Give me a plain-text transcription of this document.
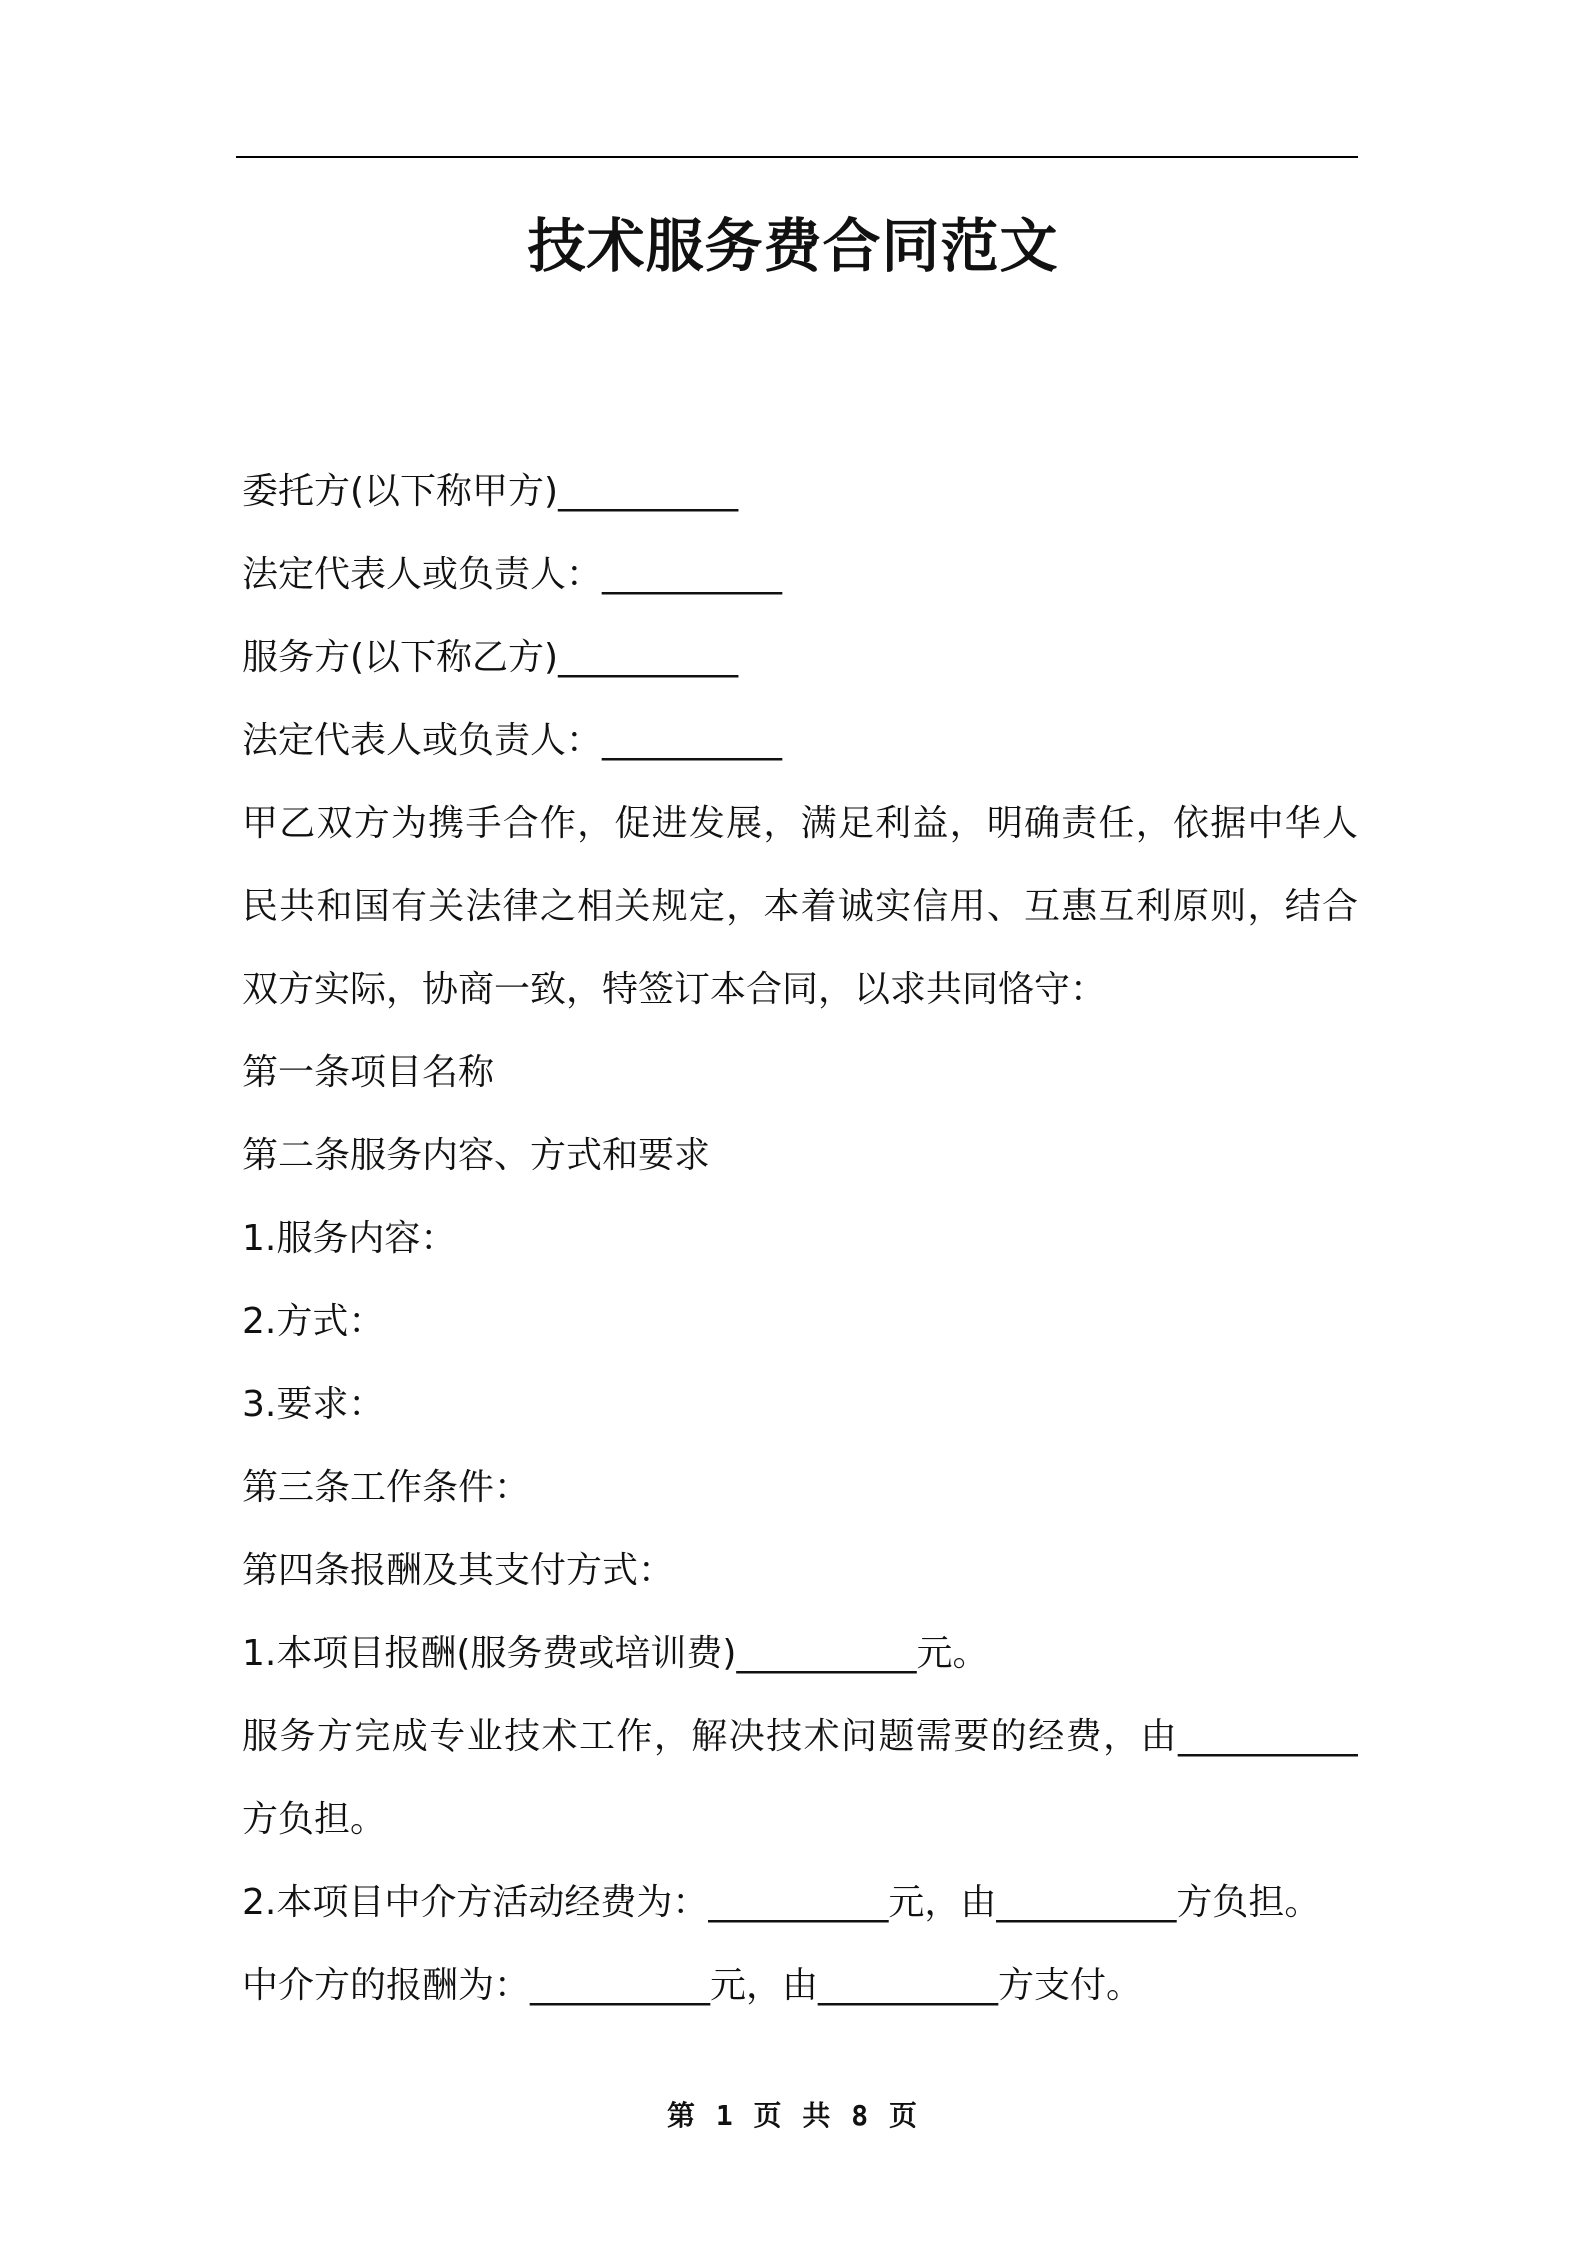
技术服务费合同范文
委托方(以下称甲方)__________
法定代表人或负责人：__________
服务方(以下称乙方)__________
法定代表人或负责人：__________
甲乙双方为携手合作，促进发展，满足利益，明确责任，依据中华人
民共和国有关法律之相关规定，本着诚实信用、互惠互利原则，结合
双方实际，协商一致，特签订本合同，以求共同恪守：
第一条项目名称
第二条服务内容、方式和要求
1.服务内容：
2.方式：
3.要求：
第三条工作条件：
第四条报酬及其支付方式：
1.本项目报酬(服务费或培训费)__________元。
服务方完成专业技术工作，解决技术问题需要的经费，由__________
方负担。
2.本项目中介方活动经费为：__________元，由__________方负担。
中介方的报酬为：__________元，由__________方支付。
第 1 页 共 8 页
